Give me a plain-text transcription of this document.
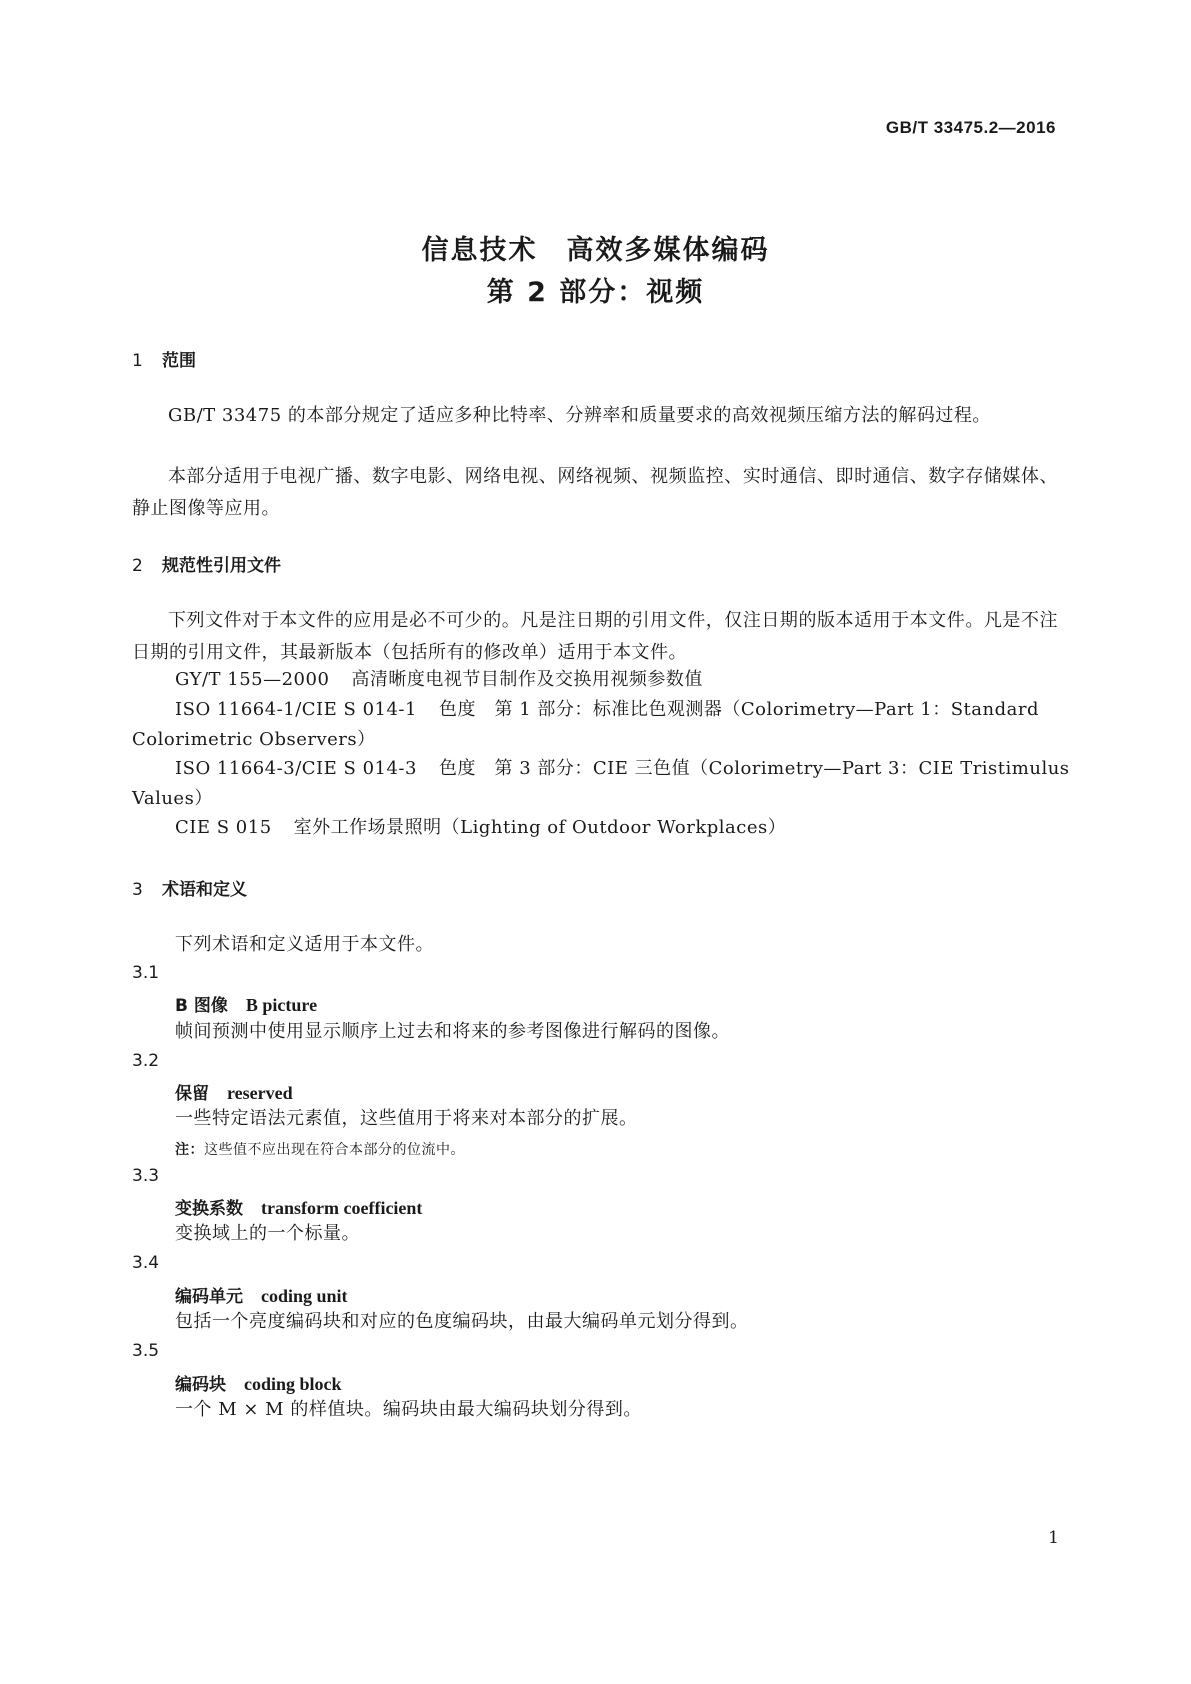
GB/T 33475.2—2016
信息技术　高效多媒体编码
第 2 部分：视频
1 范围
GB/T 33475 的本部分规定了适应多种比特率、分辨率和质量要求的高效视频压缩方法的解码过程。
本部分适用于电视广播、数字电影、网络电视、网络视频、视频监控、实时通信、即时通信、数字存储媒体、静止图像等应用。
2 规范性引用文件
下列文件对于本文件的应用是必不可少的。凡是注日期的引用文件，仅注日期的版本适用于本文件。凡是不注日期的引用文件，其最新版本（包括所有的修改单）适用于本文件。
GY/T 155—2000 高清晰度电视节目制作及交换用视频参数值
ISO 11664-1/CIE S 014-1 色度　第 1 部分：标准比色观测器（Colorimetry—Part 1：Standard
Colorimetric Observers）
ISO 11664-3/CIE S 014-3 色度　第 3 部分：CIE 三色值（Colorimetry—Part 3：CIE Tristimulus
Values）
CIE S 015 室外工作场景照明（Lighting of Outdoor Workplaces）
3 术语和定义
下列术语和定义适用于本文件。
3.1
B 图像 B picture
帧间预测中使用显示顺序上过去和将来的参考图像进行解码的图像。
3.2
保留 reserved
一些特定语法元素值，这些值用于将来对本部分的扩展。
注：这些值不应出现在符合本部分的位流中。
3.3
变换系数 transform coefficient
变换域上的一个标量。
3.4
编码单元 coding unit
包括一个亮度编码块和对应的色度编码块，由最大编码单元划分得到。
3.5
编码块 coding block
一个 M × M 的样值块。编码块由最大编码块划分得到。
1
